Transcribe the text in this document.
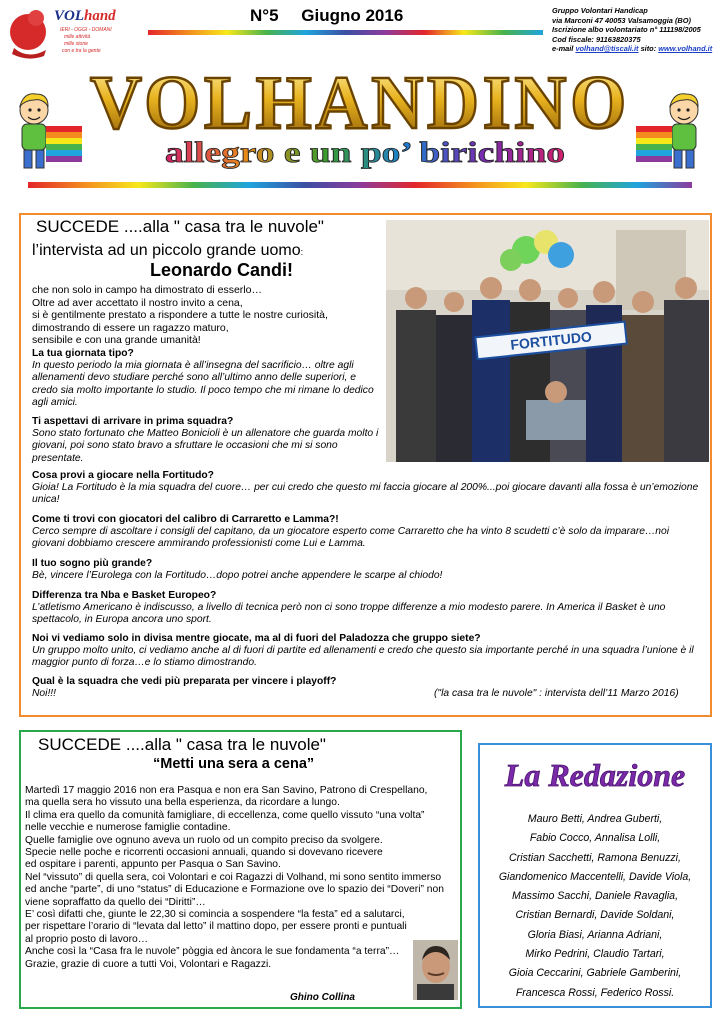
VOLhand
IERI - OGGI - DOMANI
mille attività
mille storie
con e tra la gente
N°5 Giugno 2016	Gruppo Volontari Handicap
via Marconi 47 40053 Valsamoggia (BO)
Iscrizione albo volontariato n° 111198/2005
Cod fiscale: 91163820375
e-mail volhand@tiscali.it sito: www.volhand.it
VOLHANDINO
allegro e un po’ birichino
SUCCEDE ....alla " casa tra le nuvole"
l’intervista ad un piccolo grande uomo:
Leonardo Candi!
che non solo in campo ha dimostrato di esserlo…
Oltre ad aver accettato il nostro invito a cena,
si è gentilmente prestato a rispondere a tutte le nostre curiosità,
dimostrando di essere un ragazzo maturo,
sensibile e con una grande umanità!	FORTITUDO
La tua giornata tipo?
In questo periodo la mia giornata è all’insegna del sacrificio… oltre agli allenamenti devo studiare perché sono all’ultimo anno delle superiori, e credo sia molto importante lo studio. Il poco tempo che mi rimane lo dedico agli amici.
Ti aspettavi di arrivare in prima squadra?
Sono stato fortunato che Matteo Bonicioli è un allenatore che guarda molto i giovani, poi sono stato bravo a sfruttare le occasioni che mi si sono presentate.
Cosa provi a giocare nella Fortitudo?
Gioia! La Fortitudo è la mia squadra del cuore… per cui credo che questo mi faccia giocare al 200%...poi giocare davanti alla fossa è un’emozione unica!
Come ti trovi con giocatori del calibro di Carraretto e Lamma?!
Cerco sempre di ascoltare i consigli del capitano, da un giocatore esperto come Carraretto che ha vinto 8 scudetti c’è solo da imparare…noi giovani dobbiamo crescere ammirando professionisti come Lui e Lamma.
Il tuo sogno più grande?
Bè, vincere l’Eurolega con la Fortitudo…dopo potrei anche appendere le scarpe al chiodo!
Differenza tra Nba e Basket Europeo?
L’atletismo Americano è indiscusso, a livello di tecnica però non ci sono troppe differenze a mio modesto parere. In America il Basket è uno spettacolo, in Europa ancora uno sport.
Noi vi vediamo solo in divisa mentre giocate, ma al di fuori del Paladozza che gruppo siete?
Un gruppo molto unito, ci vediamo anche al di fuori di partite ed allenamenti e credo che questo sia importante perché in una squadra l’unione è il maggior punto di forza…e lo stiamo dimostrando.
Qual è la squadra che vedi più preparata per vincere i playoff?
Noi!!!	("la casa tra le nuvole" : intervista dell’11 Marzo 2016)
SUCCEDE ....alla " casa tra le nuvole"
“Metti una sera a cena”

Martedì 17 maggio 2016 non era Pasqua e non era San Savino, Patrono di Crespellano,

ma quella sera ho vissuto una bella esperienza, da ricordare a lungo.

Il clima era quello da comunità famigliare, di eccellenza, come quello vissuto “una volta”

nelle vecchie e numerose famiglie contadine.

Quelle famiglie ove ognuno aveva un ruolo od un compito preciso da svolgere.

Specie nelle poche e ricorrenti occasioni annuali, quando si dovevano ricevere

ed ospitare i parenti, appunto per Pasqua o San Savino.

Nel “vissuto” di quella sera, coi Volontari e coi Ragazzi di Volhand, mi sono sentito immerso

ed anche “parte”, di uno “status” di Educazione e Formazione ove lo spazio dei “Doveri” non

viene sopraffatto da quello dei “Diritti”…

E’ così difatti che, giunte le 22,30 si comincia a sospendere “la festa” ed a salutarci,

per rispettare l’orario di “levata dal letto” il mattino dopo, per essere pronti e puntuali

al proprio posto di lavoro…

Anche così la “Casa fra le nuvole” pòggia ed àncora le sue fondamenta “a terra”…

Grazie, grazie di cuore a tutti Voi, Volontari e Ragazzi.

Ghino Collina
La Redazione
Mauro Betti, Andrea Guberti,
Fabio Cocco, Annalisa Lolli,
Cristian Sacchetti, Ramona Benuzzi,
Giandomenico Maccentelli, Davide Viola,
Massimo Sacchi, Daniele Ravaglia,
Cristian Bernardi, Davide Soldani,
Gloria Biasi, Arianna Adriani,
Mirko Pedrini, Claudio Tartari,
Gioia Ceccarini, Gabriele Gamberini,
Francesca Rossi, Federico Rossi.
